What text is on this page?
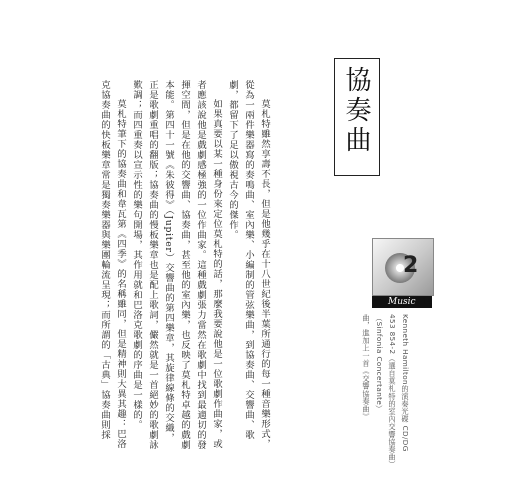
協奏曲

莫札特雖然享壽不長，但是他幾乎在十八世紀後半葉所通行的每一種音樂形式，從為一兩件樂器寫的奏鳴曲、室內樂、小編制的管弦樂曲，到協奏曲、交響曲、歌劇，都留下了足以傲視古今的傑作。

如果真要以某一種身份來定位莫札特的話，那麼我要說他是一位歌劇作曲家，或者應該說他是戲劇感極強的一位作曲家。這種戲劇張力當然在歌劇中找到最適切的發揮空間，但是在他的交響曲、協奏曲，甚至他的室內樂，也反映了莫札特卓越的戲劇本能。第四十一號《朱彼得》（Jupiter）交響曲的第四樂章，其旋律線條的交織，正是歌劇重唱的翻版；協奏曲的慢板樂章也是配上歌詞，儼然就是一首絕妙的歌劇詠歎調；而四重奏以宣示性的樂句開場，其作用就和巴洛克歌劇的序曲是一樣的。

莫札特筆下的協奏曲和韋瓦第《四季》的名稱雖同，但是精神則大異其趣：巴洛克協奏曲的快板樂章常是獨奏樂器與樂團輪流呈現；而所謂的「古典」協奏曲則採	2
Music 14
Kenneth Hamilton的演奏光碟 CD/DG
453 854-2（選自莫札特的室內交響協奏曲）
（Sinfonia Concertante）
曲，進加上一首《交響協奏曲》
